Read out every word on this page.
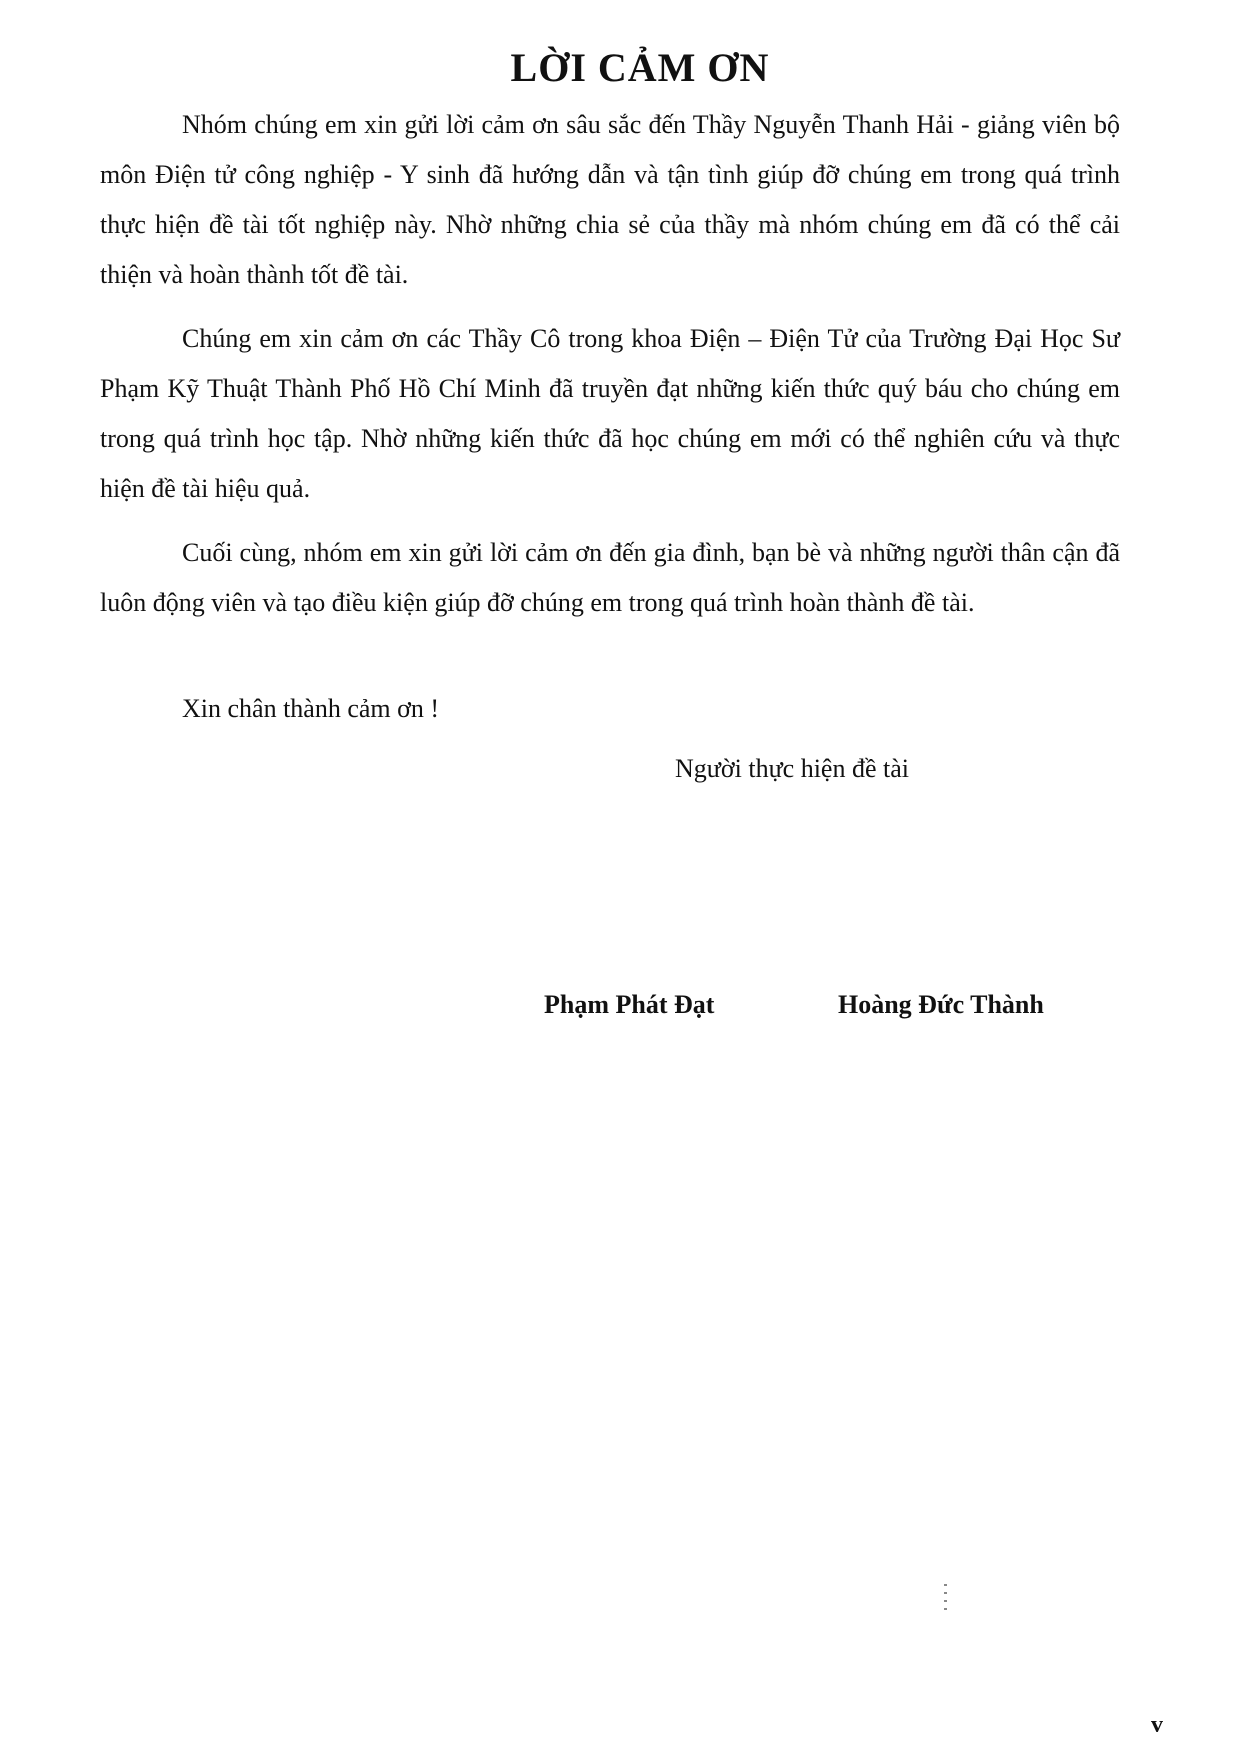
LỜI CẢM ƠN

Nhóm chúng em xin gửi lời cảm ơn sâu sắc đến Thầy Nguyễn Thanh Hải - giảng viên bộ môn Điện tử công nghiệp - Y sinh đã hướng dẫn và tận tình giúp đỡ chúng em trong quá trình thực hiện đề tài tốt nghiệp này. Nhờ những chia sẻ của thầy mà nhóm chúng em đã có thể cải thiện và hoàn thành tốt đề tài.

Chúng em xin cảm ơn các Thầy Cô trong khoa Điện – Điện Tử của Trường Đại Học Sư Phạm Kỹ Thuật Thành Phố Hồ Chí Minh đã truyền đạt những kiến thức quý báu cho chúng em trong quá trình học tập. Nhờ những kiến thức đã học chúng em mới có thể nghiên cứu và thực hiện đề tài hiệu quả.

Cuối cùng, nhóm em xin gửi lời cảm ơn đến gia đình, bạn bè và những người thân cận đã luôn động viên và tạo điều kiện giúp đỡ chúng em trong quá trình hoàn thành đề tài.

Xin chân thành cảm ơn !

Người thực hiện đề tài

Phạm Phát Đạt	Hoàng Đức Thành

v
